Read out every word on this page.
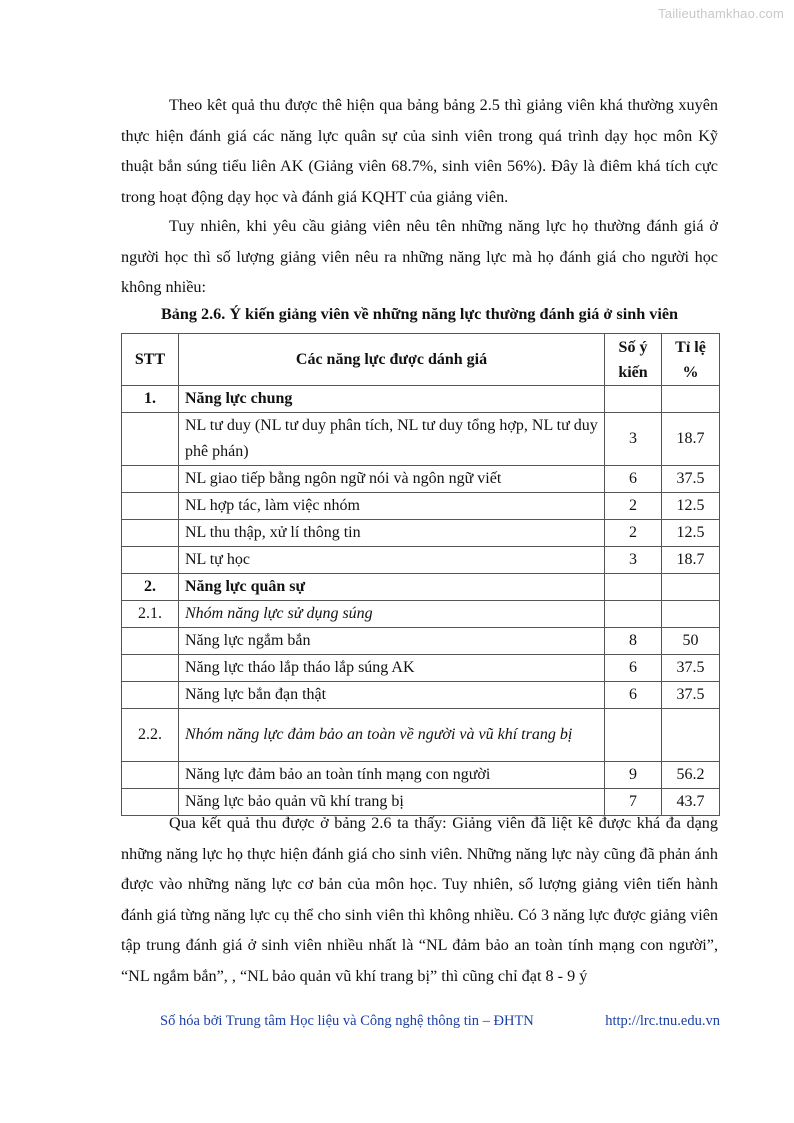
Tailieuthamkhao.com

Theo kêt quả thu được thê hiện qua bảng bảng 2.5 thì giảng viên khá thường xuyên thực hiện đánh giá các năng lực quân sự của sinh viên trong quá trình dạy học môn Kỹ thuật bắn súng tiểu liên AK (Giảng viên 68.7%, sinh viên 56%). Đây là điêm khá tích cực trong hoạt động dạy học và đánh giá KQHT của giảng viên.

Tuy nhiên, khi yêu cầu giảng viên nêu tên những năng lực họ thường đánh giá ở người học thì số lượng giảng viên nêu ra những năng lực mà họ đánh giá cho người học không nhiều:

Bảng 2.6. Ý kiến giảng viên về những năng lực thường đánh giá ở sinh viên
STT	Các năng lực được dánh giá	Số ý kiến	Tỉ lệ %
1.	Năng lực chung		
	NL tư duy (NL tư duy phân tích, NL tư duy tổng hợp, NL tư duy phê phán)	3	18.7
	NL giao tiếp bằng ngôn ngữ nói và ngôn ngữ viết	6	37.5
	NL hợp tác, làm việc nhóm	2	12.5
	NL thu thập, xử lí thông tin	2	12.5
	NL tự học	3	18.7
2.	Năng lực quân sự		
2.1.	Nhóm năng lực sử dụng súng		
	Năng lực ngắm bắn	8	50
	Năng lực tháo lắp tháo lắp súng AK	6	37.5
	Năng lực bắn đạn thật	6	37.5
2.2.	Nhóm năng lực đảm bảo an toàn về người và vũ khí trang bị		
	Năng lực đảm bảo an toàn tính mạng con người	9	56.2
	Năng lực bảo quản vũ khí trang bị	7	43.7

Qua kết quả thu được ở bảng 2.6 ta thấy: Giảng viên đã liệt kê được khá đa dạng những năng lực họ thực hiện đánh giá cho sinh viên. Những năng lực này cũng đã phản ánh được vào những năng lực cơ bản của môn học. Tuy nhiên, số lượng giảng viên tiến hành đánh giá từng năng lực cụ thể cho sinh viên thì không nhiều. Có 3 năng lực được giảng viên tập trung đánh giá ở sinh viên nhiều nhất là “NL đảm bảo an toàn tính mạng con người”, “NL ngắm bắn”, , “NL bảo quản vũ khí trang bị” thì cũng chỉ đạt 8 - 9 ý

Số hóa bởi Trung tâm Học liệu và Công nghệ thông tin – ĐHTN	http://lrc.tnu.edu.vn
